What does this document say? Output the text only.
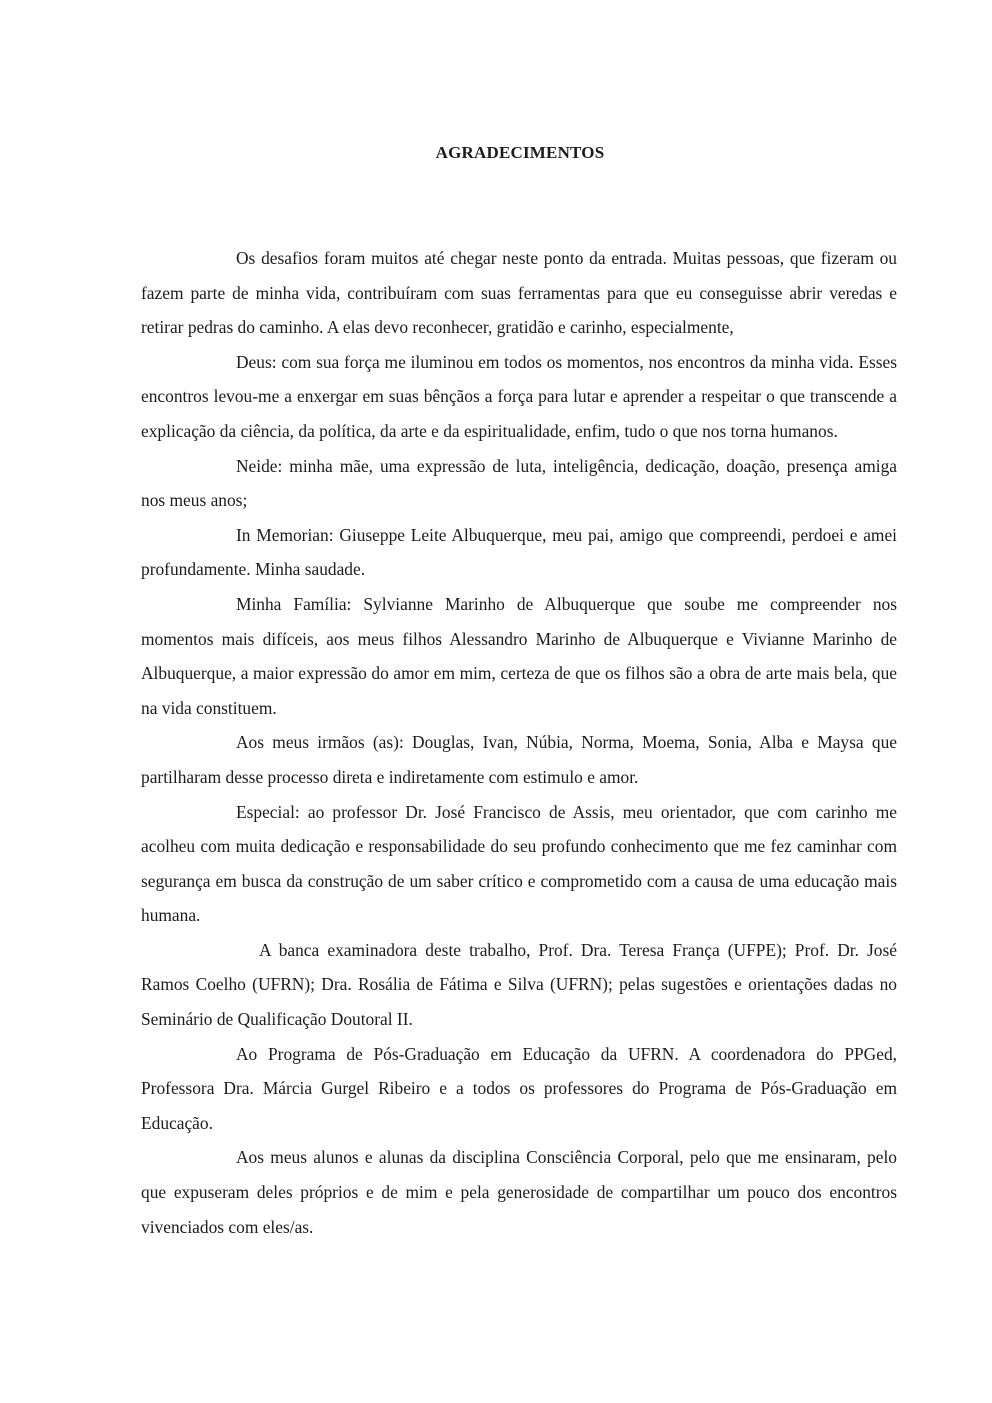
AGRADECIMENTOS

Os desafios foram muitos até chegar neste ponto da entrada. Muitas pessoas, que fizeram ou fazem parte de minha vida, contribuíram com suas ferramentas para que eu conseguisse abrir veredas e retirar pedras do caminho. A elas devo reconhecer, gratidão e carinho, especialmente,

Deus: com sua força me iluminou em todos os momentos, nos encontros da minha vida. Esses encontros levou-me a enxergar em suas bênçãos a força para lutar e aprender a respeitar o que transcende a explicação da ciência, da política, da arte e da espiritualidade, enfim, tudo o que nos torna humanos.

Neide: minha mãe, uma expressão de luta, inteligência, dedicação, doação, presença amiga nos meus anos;

In Memorian: Giuseppe Leite Albuquerque, meu pai, amigo que compreendi, perdoei e amei profundamente. Minha saudade.

Minha Família: Sylvianne Marinho de Albuquerque que soube me compreender nos momentos mais difíceis, aos meus filhos Alessandro Marinho de Albuquerque e Vivianne Marinho de Albuquerque, a maior expressão do amor em mim, certeza de que os filhos são a obra de arte mais bela, que na vida constituem.

Aos meus irmãos (as): Douglas, Ivan, Núbia, Norma, Moema, Sonia, Alba e Maysa que partilharam desse processo direta e indiretamente com estimulo e amor.

Especial: ao professor Dr. José Francisco de Assis, meu orientador, que com carinho me acolheu com muita dedicação e responsabilidade do seu profundo conhecimento que me fez caminhar com segurança em busca da construção de um saber crítico e comprometido com a causa de uma educação mais humana.

A banca examinadora deste trabalho, Prof. Dra. Teresa França (UFPE); Prof. Dr. José Ramos Coelho (UFRN); Dra. Rosália de Fátima e Silva (UFRN); pelas sugestões e orientações dadas no Seminário de Qualificação Doutoral II.

Ao Programa de Pós-Graduação em Educação da UFRN. A coordenadora do PPGed, Professora Dra. Márcia Gurgel Ribeiro e a todos os professores do Programa de Pós-Graduação em Educação.

Aos meus alunos e alunas da disciplina Consciência Corporal, pelo que me ensinaram, pelo que expuseram deles próprios e de mim e pela generosidade de compartilhar um pouco dos encontros vivenciados com eles/as.
